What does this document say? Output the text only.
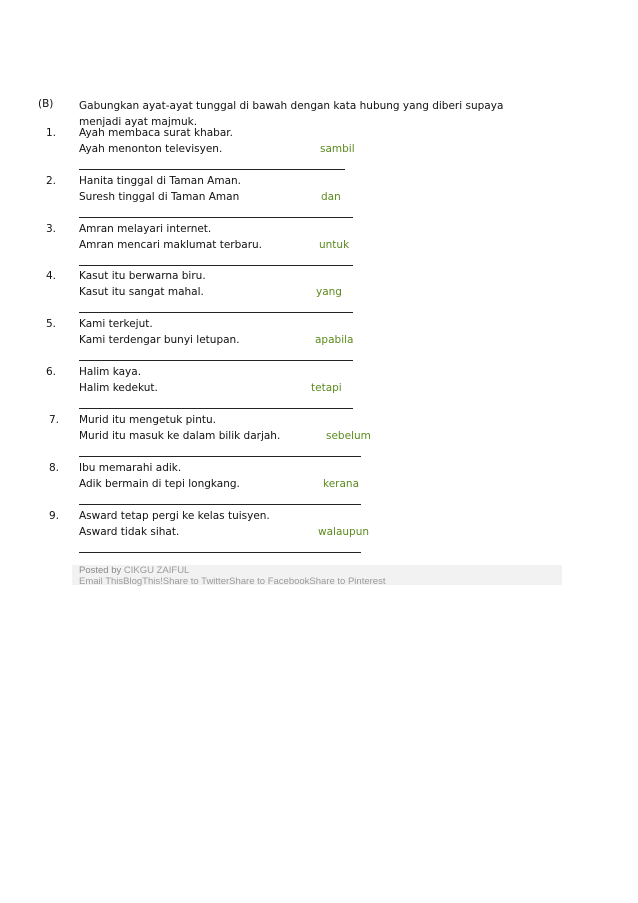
(B) Gabungkan ayat-ayat tunggal di bawah dengan kata hubung yang diberi supaya menjadi ayat majmuk.
1. Ayah membaca surat khabar.
Ayah menonton televisyen.	sambil
2. Hanita tinggal di Taman Aman.
Suresh tinggal di Taman Aman	dan
3. Amran melayari internet.
Amran mencari maklumat terbaru.	untuk
4. Kasut itu berwarna biru.
Kasut itu sangat mahal.	yang
5. Kami terkejut.
Kami terdengar bunyi letupan.	apabila
6. Halim kaya.
Halim kedekut.	tetapi
7. Murid itu mengetuk pintu.
Murid itu masuk ke dalam bilik darjah.	sebelum
8. Ibu memarahi adik.
Adik bermain di tepi longkang.	kerana
9. Asward tetap pergi ke kelas tuisyen.
Asward tidak sihat.	walaupun
Posted by CIKGU ZAIFUL
Email ThisBlogThis!Share to TwitterShare to FacebookShare to Pinterest
